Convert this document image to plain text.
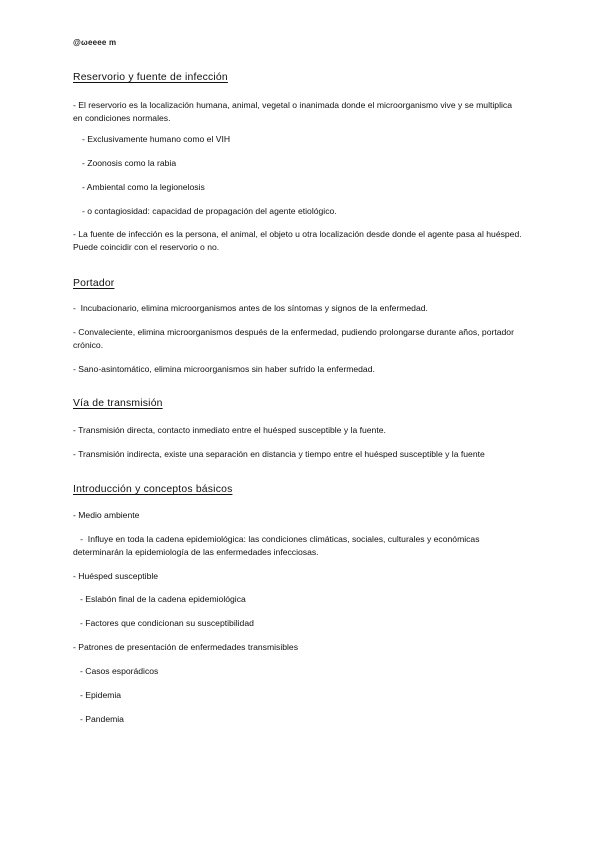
@ωeeee m
Reservorio y fuente de infección
- El reservorio es la localización humana, animal, vegetal o inanimada donde el microorganismo vive y se multiplica en condiciones normales.
- Exclusivamente humano como el VIH
- Zoonosis como la rabia
- Ambiental como la legionelosis
- o contagiosidad: capacidad de propagación del agente etiológico.
- La fuente de infección es la persona, el animal, el objeto u otra localización desde donde el agente pasa al huésped. Puede coincidir con el reservorio o no.
Portador
-  Incubacionario, elimina microorganismos antes de los síntomas y signos de la enfermedad.
- Convaleciente, elimina microorganismos después de la enfermedad, pudiendo prolongarse durante años, portador crónico.
- Sano-asintomático, elimina microorganismos sin haber sufrido la enfermedad.
Vía de transmisión
- Transmisión directa, contacto inmediato entre el huésped susceptible y la fuente.
- Transmisión indirecta, existe una separación en distancia y tiempo entre el huésped susceptible y la fuente
Introducción y conceptos básicos
- Medio ambiente
-  Influye en toda la cadena epidemiológica: las condiciones climáticas, sociales, culturales y económicas determinarán la epidemiología de las enfermedades infecciosas.
- Huésped susceptible
- Eslabón final de la cadena epidemiológica
- Factores que condicionan su susceptibilidad
- Patrones de presentación de enfermedades transmisibles
- Casos esporádicos
- Epidemia
- Pandemia
